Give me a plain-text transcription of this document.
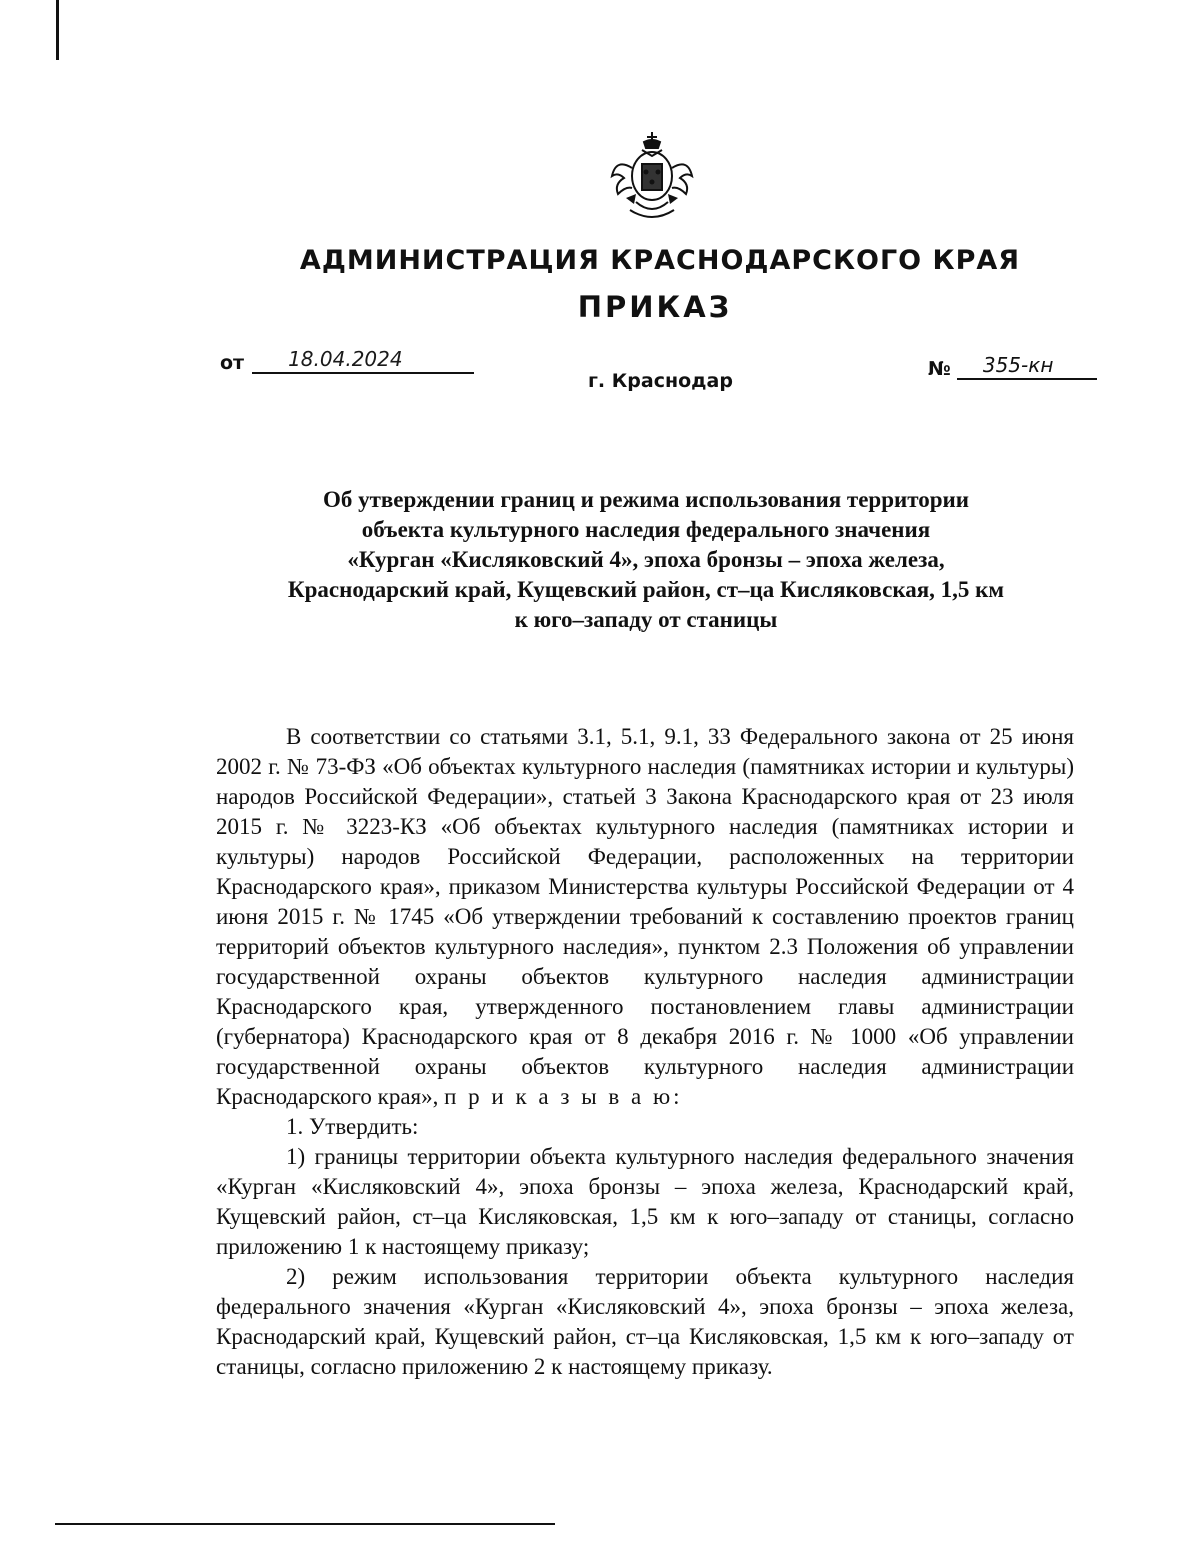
АДМИНИСТРАЦИЯ КРАСНОДАРСКОГО КРАЯ
ПРИКАЗ
от	18.04.2024	№	355-кн
г. Краснодар
Об утверждении границ и режима использования территории
объекта культурного наследия федерального значения
«Курган «Кисляковский 4», эпоха бронзы – эпоха железа,
Краснодарский край, Кущевский район, ст–ца Кисляковская, 1,5 км
к юго–западу от станицы

В соответствии со статьями 3.1, 5.1, 9.1, 33 Федерального закона от 25 июня 2002 г. № 73-ФЗ «Об объектах культурного наследия (памятниках истории и культуры) народов Российской Федерации», статьей 3 Закона Краснодарского края от 23 июля 2015 г. № 3223-КЗ «Об объектах культурного наследия (памятниках истории и культуры) народов Российской Федерации, расположенных на территории Краснодарского края», приказом Министерства культуры Российской Федерации от 4 июня 2015 г. № 1745 «Об утверждении требований к составлению проектов границ территорий объектов культурного наследия», пунктом 2.3 Положения об управлении государственной охраны объектов культурного наследия администрации Краснодарского края, утвержденного постановлением главы администрации (губернатора) Краснодарского края от 8 декабря 2016 г. № 1000 «Об управлении государственной охраны объектов культурного наследия администрации Краснодарского края», п р и к а з ы в а ю:

1. Утвердить:

1) границы территории объекта культурного наследия федерального значения «Курган «Кисляковский 4», эпоха бронзы – эпоха железа, Краснодарский край, Кущевский район, ст–ца Кисляковская, 1,5 км к юго–западу от станицы, согласно приложению 1 к настоящему приказу;

2) режим использования территории объекта культурного наследия федерального значения «Курган «Кисляковский 4», эпоха бронзы – эпоха железа, Краснодарский край, Кущевский район, ст–ца Кисляковская, 1,5 км к юго–западу от станицы, согласно приложению 2 к настоящему приказу.
